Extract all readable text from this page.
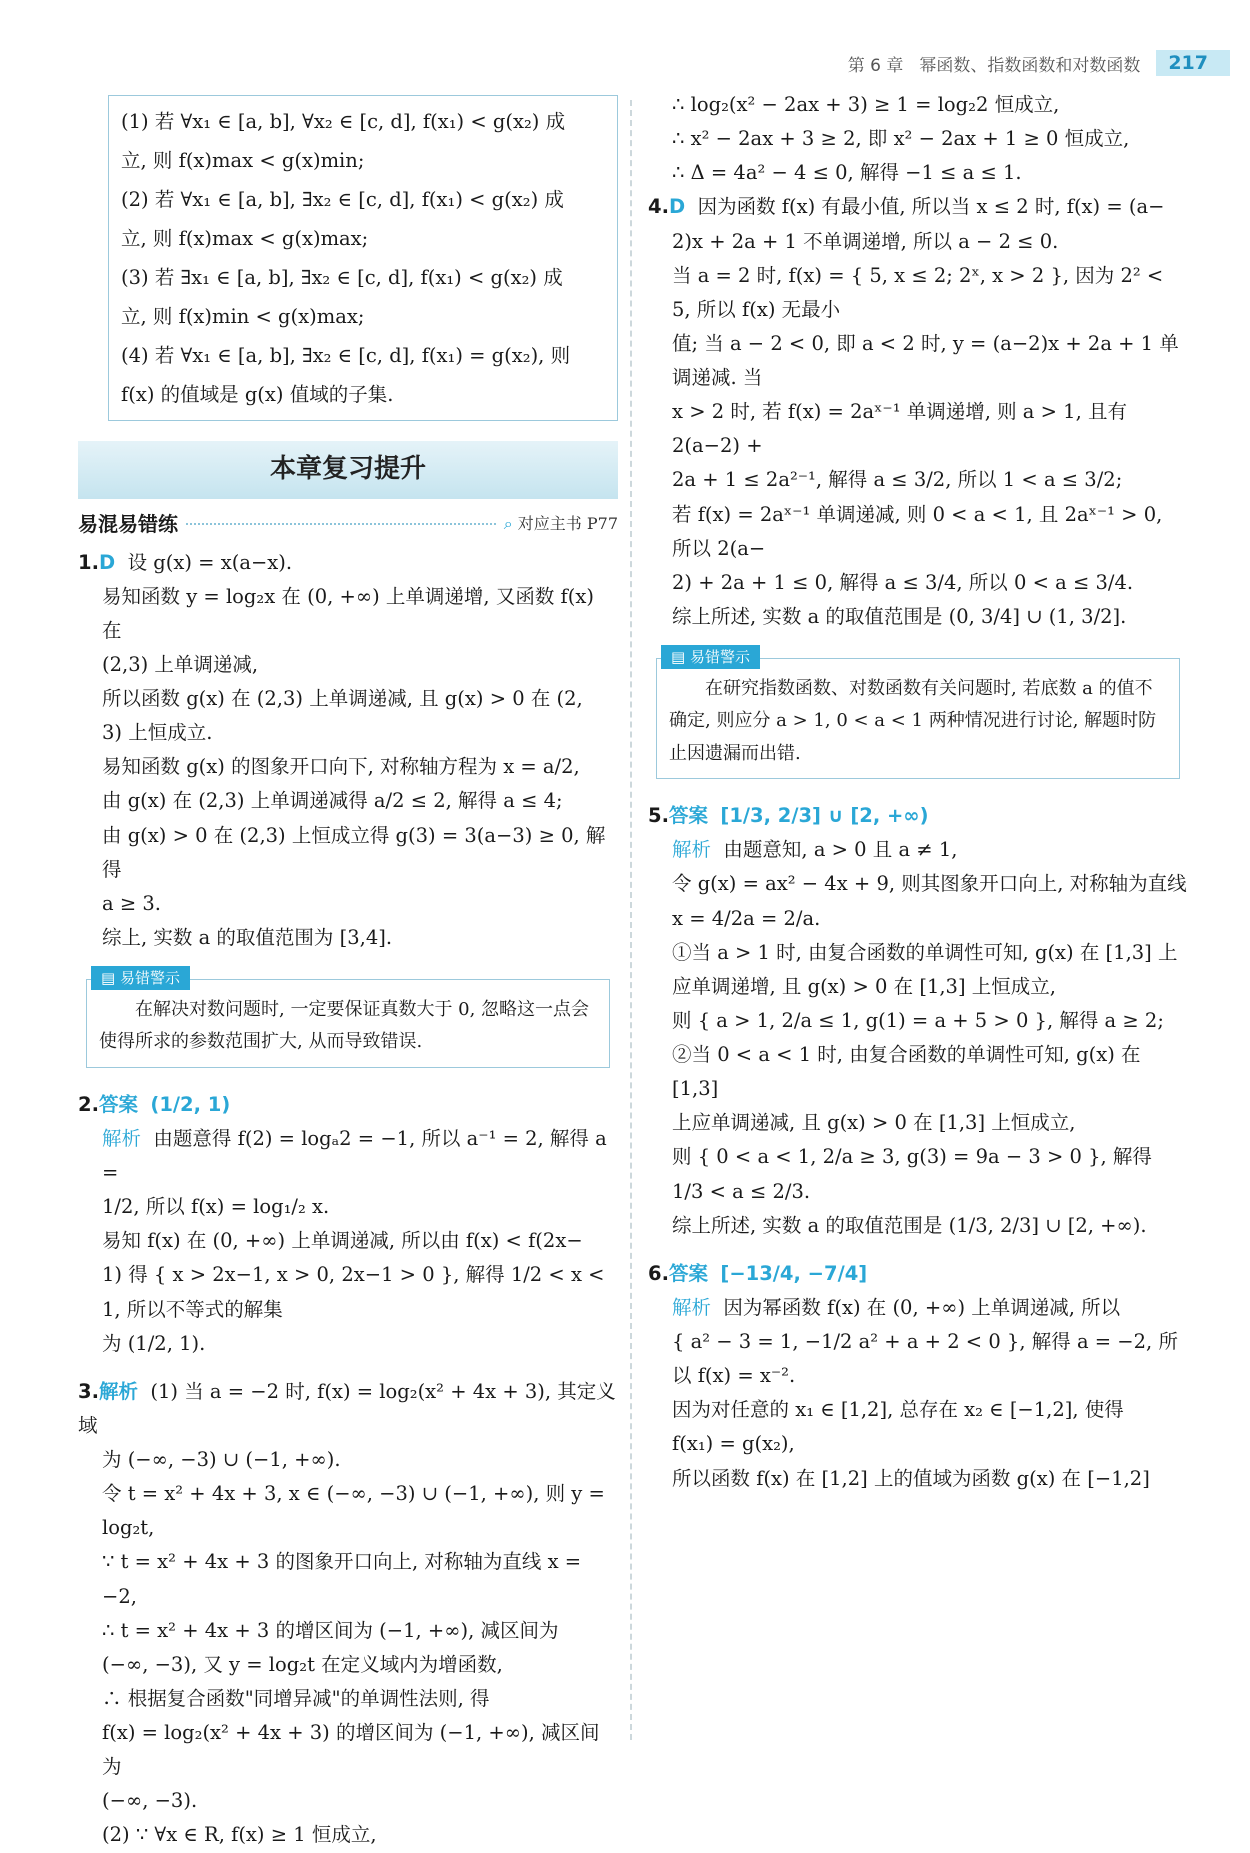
第 6 章 幂函数、指数函数和对数函数	217

(1) 若 ∀x₁ ∈ [a, b], ∀x₂ ∈ [c, d], f(x₁) < g(x₂) 成

立, 则 f(x)max < g(x)min;

(2) 若 ∀x₁ ∈ [a, b], ∃x₂ ∈ [c, d], f(x₁) < g(x₂) 成

立, 则 f(x)max < g(x)max;

(3) 若 ∃x₁ ∈ [a, b], ∃x₂ ∈ [c, d], f(x₁) < g(x₂) 成

立, 则 f(x)min < g(x)max;

(4) 若 ∀x₁ ∈ [a, b], ∃x₂ ∈ [c, d], f(x₁) = g(x₂), 则

f(x) 的值域是 g(x) 值域的子集.

本章复习提升
易混易错练	⌕ 对应主书 P77

1.D 设 g(x) = x(a−x).

易知函数 y = log₂x 在 (0, +∞) 上单调递增, 又函数 f(x) 在

(2,3) 上单调递减,

所以函数 g(x) 在 (2,3) 上单调递减, 且 g(x) > 0 在 (2,

3) 上恒成立.

易知函数 g(x) 的图象开口向下, 对称轴方程为 x = a/2,

由 g(x) 在 (2,3) 上单调递减得 a/2 ≤ 2, 解得 a ≤ 4;

由 g(x) > 0 在 (2,3) 上恒成立得 g(3) = 3(a−3) ≥ 0, 解得

a ≥ 3.

综上, 实数 a 的取值范围为 [3,4].

▤ 易错警示

在解决对数问题时, 一定要保证真数大于 0, 忽略这一点会使得所求的参数范围扩大, 从而导致错误.

2.答案 (1/2, 1)

解析 由题意得 f(2) = logₐ2 = −1, 所以 a⁻¹ = 2, 解得 a =

1/2, 所以 f(x) = log₁/₂ x.

易知 f(x) 在 (0, +∞) 上单调递减, 所以由 f(x) < f(2x−

1) 得 { x > 2x−1, x > 0, 2x−1 > 0 }, 解得 1/2 < x < 1, 所以不等式的解集

为 (1/2, 1).

3.解析 (1) 当 a = −2 时, f(x) = log₂(x² + 4x + 3), 其定义域

为 (−∞, −3) ∪ (−1, +∞).

令 t = x² + 4x + 3, x ∈ (−∞, −3) ∪ (−1, +∞), 则 y = log₂t,

∵ t = x² + 4x + 3 的图象开口向上, 对称轴为直线 x = −2,

∴ t = x² + 4x + 3 的增区间为 (−1, +∞), 减区间为

(−∞, −3), 又 y = log₂t 在定义域内为增函数,

∴ 根据复合函数"同增异减"的单调性法则, 得

f(x) = log₂(x² + 4x + 3) 的增区间为 (−1, +∞), 减区间为

(−∞, −3).

(2) ∵ ∀x ∈ R, f(x) ≥ 1 恒成立,

∴ log₂(x² − 2ax + 3) ≥ 1 = log₂2 恒成立,

∴ x² − 2ax + 3 ≥ 2, 即 x² − 2ax + 1 ≥ 0 恒成立,

∴ Δ = 4a² − 4 ≤ 0, 解得 −1 ≤ a ≤ 1.

4.D 因为函数 f(x) 有最小值, 所以当 x ≤ 2 时, f(x) = (a−

2)x + 2a + 1 不单调递增, 所以 a − 2 ≤ 0.

当 a = 2 时, f(x) = { 5, x ≤ 2; 2ˣ, x > 2 }, 因为 2² < 5, 所以 f(x) 无最小

值; 当 a − 2 < 0, 即 a < 2 时, y = (a−2)x + 2a + 1 单调递减. 当

x > 2 时, 若 f(x) = 2aˣ⁻¹ 单调递增, 则 a > 1, 且有 2(a−2) +

2a + 1 ≤ 2a²⁻¹, 解得 a ≤ 3/2, 所以 1 < a ≤ 3/2;

若 f(x) = 2aˣ⁻¹ 单调递减, 则 0 < a < 1, 且 2aˣ⁻¹ > 0, 所以 2(a−

2) + 2a + 1 ≤ 0, 解得 a ≤ 3/4, 所以 0 < a ≤ 3/4.

综上所述, 实数 a 的取值范围是 (0, 3/4] ∪ (1, 3/2].

▤ 易错警示

在研究指数函数、对数函数有关问题时, 若底数 a 的值不确定, 则应分 a > 1, 0 < a < 1 两种情况进行讨论, 解题时防止因遗漏而出错.

5.答案 [1/3, 2/3] ∪ [2, +∞)

解析 由题意知, a > 0 且 a ≠ 1,

令 g(x) = ax² − 4x + 9, 则其图象开口向上, 对称轴为直线

x = 4/2a = 2/a.

①当 a > 1 时, 由复合函数的单调性可知, g(x) 在 [1,3] 上

应单调递增, 且 g(x) > 0 在 [1,3] 上恒成立,

则 { a > 1, 2/a ≤ 1, g(1) = a + 5 > 0 }, 解得 a ≥ 2;

②当 0 < a < 1 时, 由复合函数的单调性可知, g(x) 在 [1,3]

上应单调递减, 且 g(x) > 0 在 [1,3] 上恒成立,

则 { 0 < a < 1, 2/a ≥ 3, g(3) = 9a − 3 > 0 }, 解得 1/3 < a ≤ 2/3.

综上所述, 实数 a 的取值范围是 (1/3, 2/3] ∪ [2, +∞).

6.答案 [−13/4, −7/4]

解析 因为幂函数 f(x) 在 (0, +∞) 上单调递减, 所以

{ a² − 3 = 1, −1/2 a² + a + 2 < 0 }, 解得 a = −2, 所以 f(x) = x⁻².

因为对任意的 x₁ ∈ [1,2], 总存在 x₂ ∈ [−1,2], 使得

f(x₁) = g(x₂),

所以函数 f(x) 在 [1,2] 上的值域为函数 g(x) 在 [−1,2]
